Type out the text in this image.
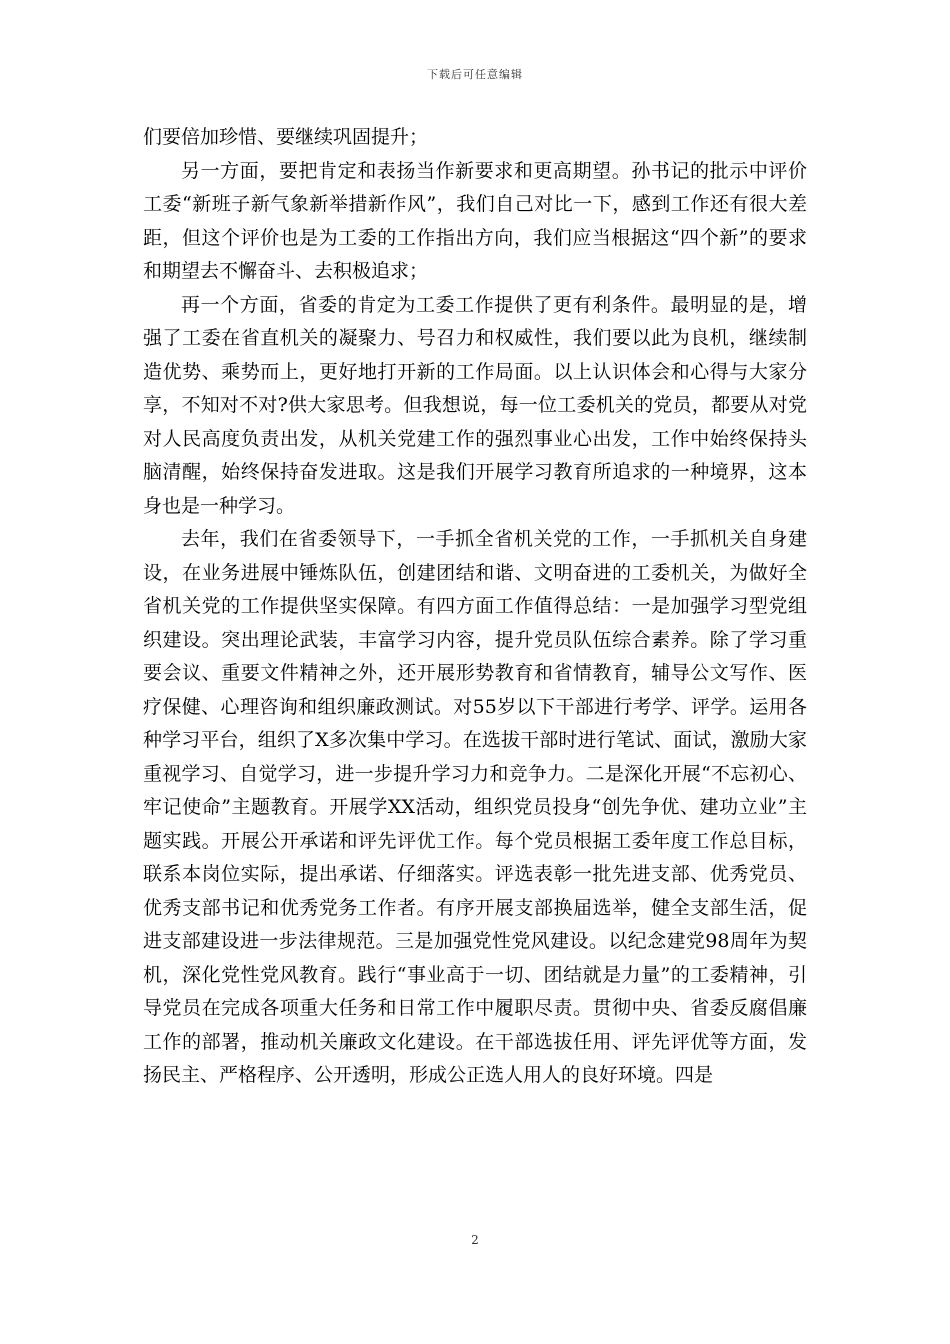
下载后可任意编辑

们要倍加珍惜、要继续巩固提升；

另一方面，要把肯定和表扬当作新要求和更高期望。孙书记的批示中评价工委“新班子新气象新举措新作风”，我们自己对比一下，感到工作还有很大差距，但这个评价也是为工委的工作指出方向，我们应当根据这“四个新”的要求和期望去不懈奋斗、去积极追求；

再一个方面，省委的肯定为工委工作提供了更有利条件。最明显的是，增强了工委在省直机关的凝聚力、号召力和权威性，我们要以此为良机，继续制造优势、乘势而上，更好地打开新的工作局面。以上认识体会和心得与大家分享，不知对不对?供大家思考。但我想说，每一位工委机关的党员，都要从对党对人民高度负责出发，从机关党建工作的强烈事业心出发，工作中始终保持头脑清醒，始终保持奋发进取。这是我们开展学习教育所追求的一种境界，这本身也是一种学习。

去年，我们在省委领导下，一手抓全省机关党的工作，一手抓机关自身建设，在业务进展中锤炼队伍，创建团结和谐、文明奋进的工委机关，为做好全省机关党的工作提供坚实保障。有四方面工作值得总结：一是加强学习型党组织建设。突出理论武装，丰富学习内容，提升党员队伍综合素养。除了学习重要会议、重要文件精神之外，还开展形势教育和省情教育，辅导公文写作、医疗保健、心理咨询和组织廉政测试。对55岁以下干部进行考学、评学。运用各种学习平台，组织了X多次集中学习。在选拔干部时进行笔试、面试，激励大家重视学习、自觉学习，进一步提升学习力和竞争力。二是深化开展“不忘初心、牢记使命”主题教育。开展学XX活动，组织党员投身“创先争优、建功立业”主题实践。开展公开承诺和评先评优工作。每个党员根据工委年度工作总目标，联系本岗位实际，提出承诺、仔细落实。评选表彰一批先进支部、优秀党员、优秀支部书记和优秀党务工作者。有序开展支部换届选举，健全支部生活，促进支部建设进一步法律规范。三是加强党性党风建设。以纪念建党98周年为契机，深化党性党风教育。践行“事业高于一切、团结就是力量”的工委精神，引导党员在完成各项重大任务和日常工作中履职尽责。贯彻中央、省委反腐倡廉工作的部署，推动机关廉政文化建设。在干部选拔任用、评先评优等方面，发扬民主、严格程序、公开透明，形成公正选人用人的良好环境。四是

2
